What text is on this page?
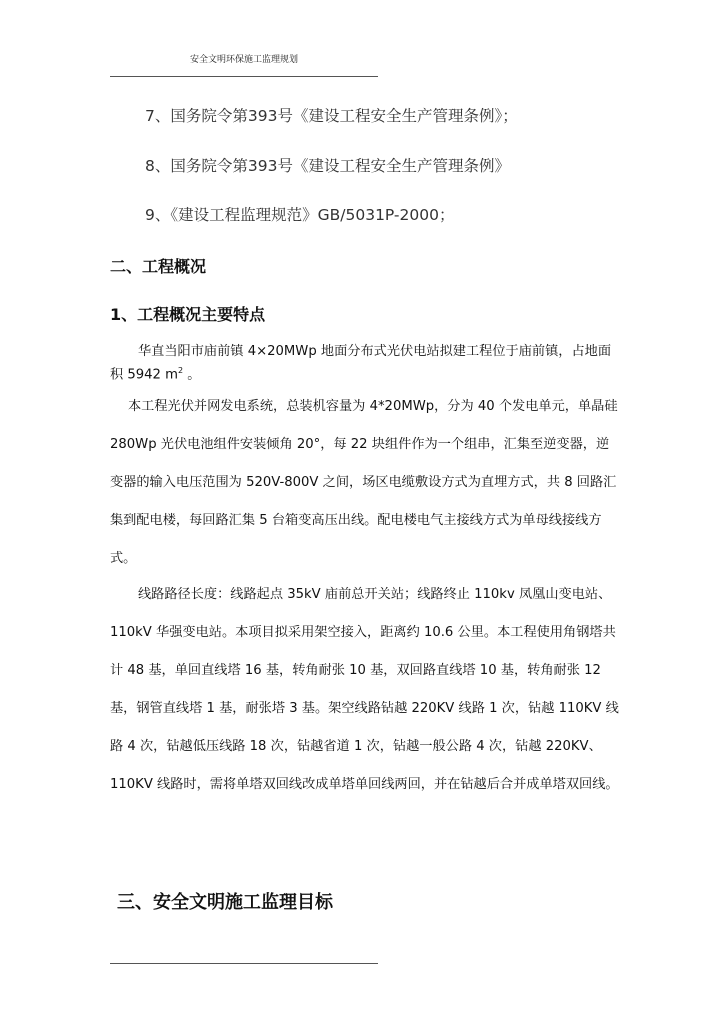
安全文明环保施工监理规划
7、国务院令第393号《建设工程安全生产管理条例》；
8、国务院令第393号《建设工程安全生产管理条例》
9、《建设工程监理规范》GB/5031P-2000；
二、工程概况
1、工程概况主要特点
华直当阳市庙前镇 4×20MWp 地面分布式光伏电站拟建工程位于庙前镇，占地面积 5942 $m^2$ 。
本工程光伏并网发电系统，总装机容量为 4*20MWp，分为 40 个发电单元，单晶硅 280Wp 光伏电池组件安装倾角 20°，每 22 块组件作为一个组串，汇集至逆变器，逆变器的输入电压范围为 520V-800V 之间，场区电缆敷设方式为直埋方式，共 8 回路汇集到配电楼，每回路汇集 5 台箱变高压出线。配电楼电气主接线方式为单母线接线方式。
线路路径长度：线路起点 35kV 庙前总开关站；线路终止 110kv 凤凰山变电站、110kV 华强变电站。本项目拟采用架空接入，距离约 10.6 公里。本工程使用角钢塔共计 48 基，单回直线塔 16 基，转角耐张 10 基，双回路直线塔 10 基，转角耐张 12 基，钢管直线塔 1 基，耐张塔 3 基。架空线路钻越 220KV 线路 1 次，钻越 110KV 线路 4 次，钻越低压线路 18 次，钻越省道 1 次，钻越一般公路 4 次，钻越 220KV、110KV 线路时，需将单塔双回线改成单塔单回线两回，并在钻越后合并成单塔双回线。
三、安全文明施工监理目标
